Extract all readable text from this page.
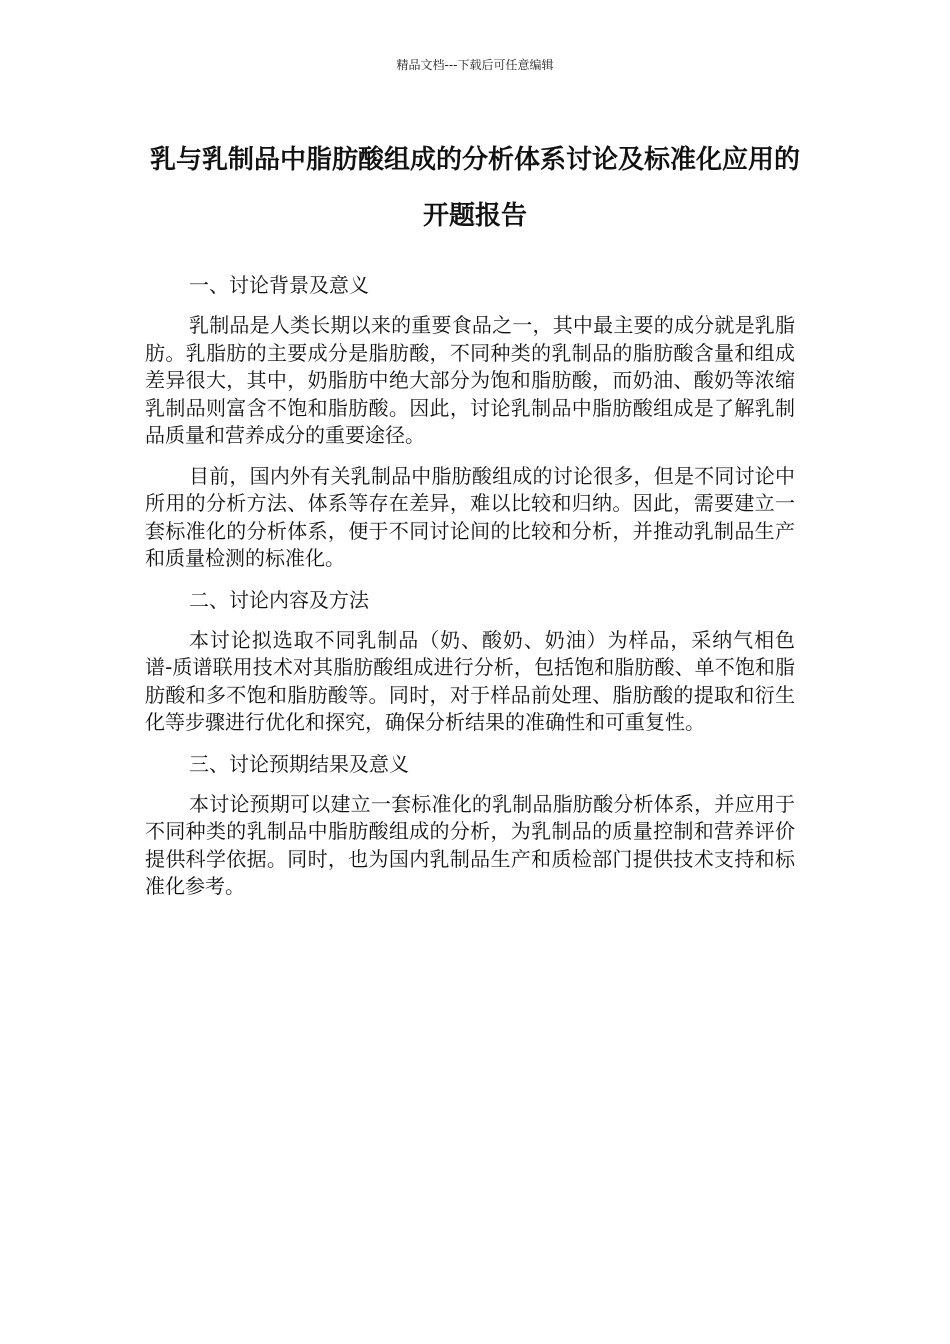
精品文档---下载后可任意编辑
乳与乳制品中脂肪酸组成的分析体系讨论及标准化应用的开题报告

一、讨论背景及意义

乳制品是人类长期以来的重要食品之一，其中最主要的成分就是乳脂肪。乳脂肪的主要成分是脂肪酸，不同种类的乳制品的脂肪酸含量和组成差异很大，其中，奶脂肪中绝大部分为饱和脂肪酸，而奶油、酸奶等浓缩乳制品则富含不饱和脂肪酸。因此，讨论乳制品中脂肪酸组成是了解乳制品质量和营养成分的重要途径。

目前，国内外有关乳制品中脂肪酸组成的讨论很多，但是不同讨论中所用的分析方法、体系等存在差异，难以比较和归纳。因此，需要建立一套标准化的分析体系，便于不同讨论间的比较和分析，并推动乳制品生产和质量检测的标准化。

二、讨论内容及方法

本讨论拟选取不同乳制品（奶、酸奶、奶油）为样品，采纳气相色谱-质谱联用技术对其脂肪酸组成进行分析，包括饱和脂肪酸、单不饱和脂肪酸和多不饱和脂肪酸等。同时，对于样品前处理、脂肪酸的提取和衍生化等步骤进行优化和探究，确保分析结果的准确性和可重复性。

三、讨论预期结果及意义

本讨论预期可以建立一套标准化的乳制品脂肪酸分析体系，并应用于不同种类的乳制品中脂肪酸组成的分析，为乳制品的质量控制和营养评价提供科学依据。同时，也为国内乳制品生产和质检部门提供技术支持和标准化参考。
